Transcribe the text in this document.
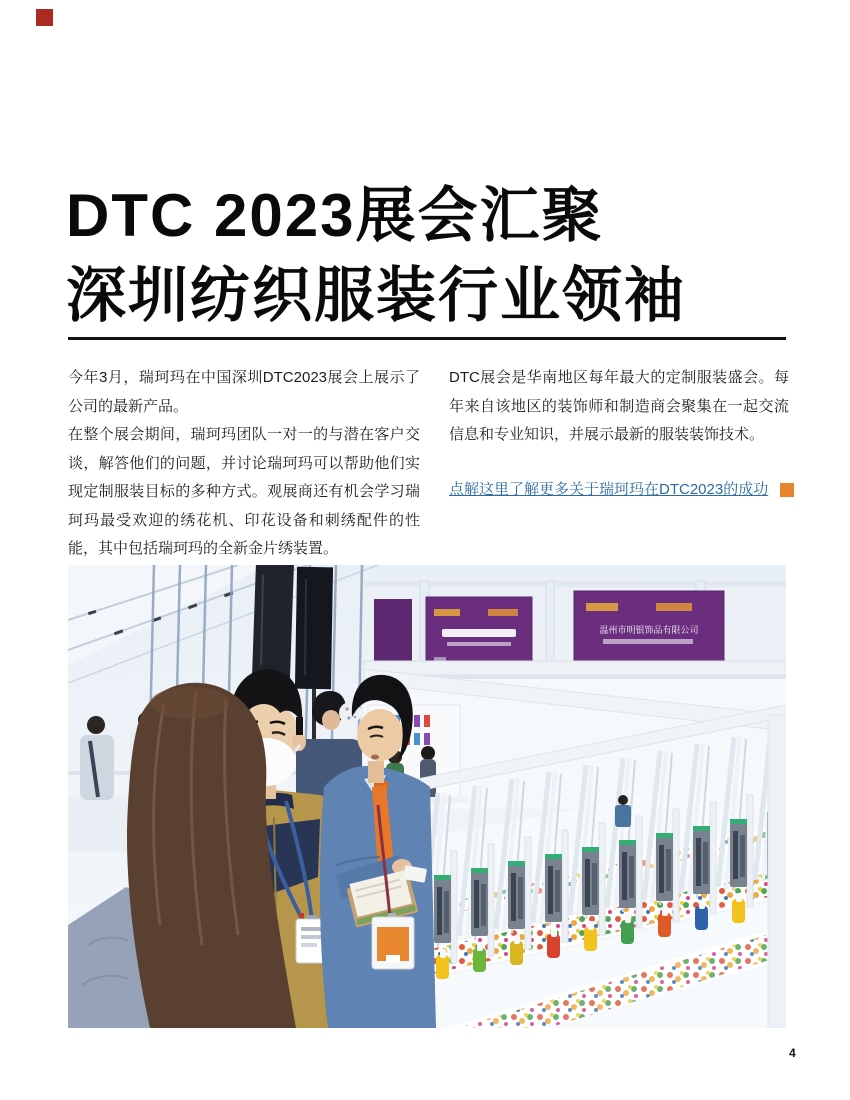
DTC 2023展会汇聚
深圳纺织服装行业领袖

今年3月，瑞珂玛在中国深圳DTC2023展会上展示了公司的最新产品。

在整个展会期间，瑞珂玛团队一对一的与潜在客户交谈，解答他们的问题，并讨论瑞珂玛可以帮助他们实现定制服装目标的多种方式。观展商还有机会学习瑞珂玛最受欢迎的绣花机、印花设备和刺绣配件的性能，其中包括瑞珂玛的全新金片绣装置。

DTC展会是华南地区每年最大的定制服装盛会。每年来自该地区的装饰师和制造商会聚集在一起交流信息和专业知识，并展示最新的服装装饰技术。

点解这里了解更多关于瑞珂玛在DTC2023的成功
温州市明银饰品有限公司
4
